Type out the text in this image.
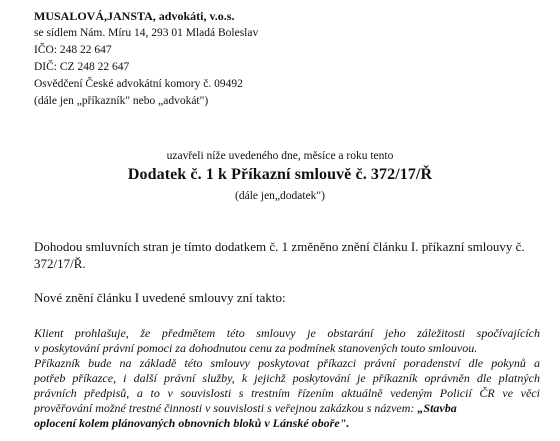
MUSALOVÁ,JANSTA, advokáti, v.o.s.
se sídlem Nám. Míru 14, 293 01 Mladá Boleslav
IČO: 248 22 647
DIČ: CZ 248 22 647
Osvědčení České advokátní komory č. 09492
(dále jen „příkazník" nebo „advokát")
uzavřeli níže uvedeného dne, měsíce a roku tento
Dodatek č. 1 k Příkazní smlouvě č. 372/17/Ř
(dále jen„dodatek")
Dohodou smluvních stran je tímto dodatkem č. 1 změněno znění článku I. příkazní smlouvy č.
372/17/Ř.
Nové znění článku I uvedené smlouvy zní takto:
Klient prohlašuje, že předmětem této smlouvy je obstarání jeho záležitosti spočívajících
v poskytování právní pomoci za dohodnutou cenu za podmínek stanovených touto smlouvou.
Příkazník bude na základě této smlouvy poskytovat příkazci právní poradenství dle pokynů a
potřeb příkazce, i další právní služby, k jejichž poskytování je příkazník oprávněn dle platných
právních předpisů, a to v souvislosti s trestním řízením aktuálně vedeným Policií ČR ve věci
prověřování možné trestné činnosti v souvislosti s veřejnou zakázkou s názvem: „Stavba
oplocení kolem plánovaných obnovních bloků v Lánské oboře".
